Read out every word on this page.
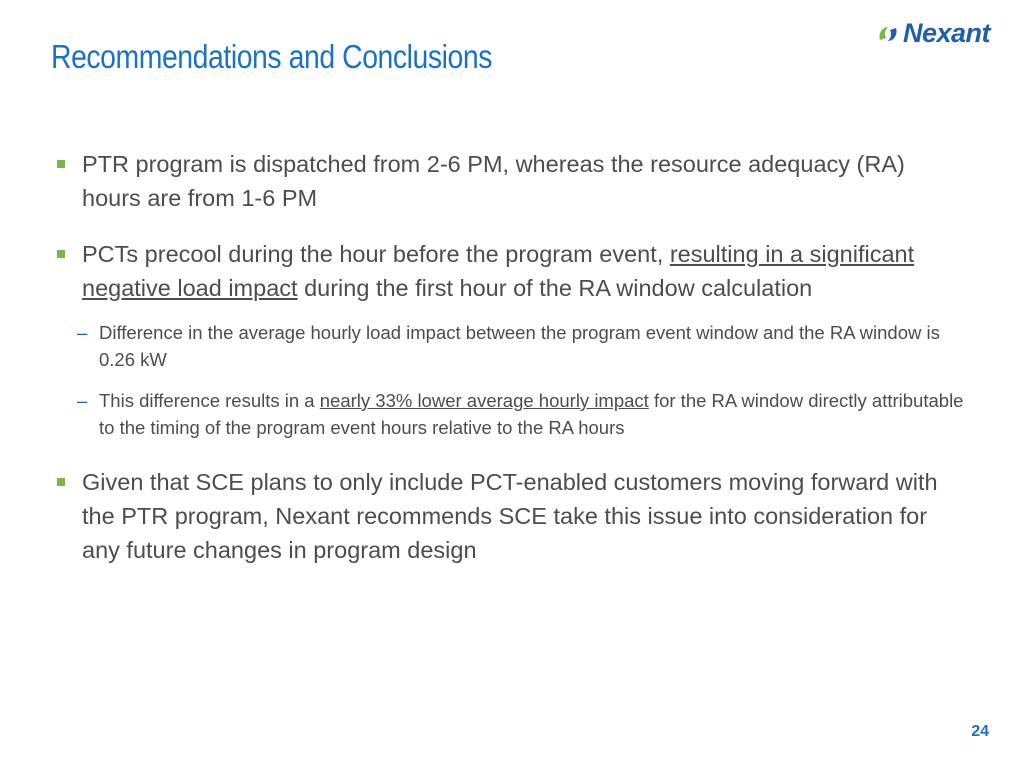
Recommendations and Conclusions
Nexant
PTR program is dispatched from 2-6 PM, whereas the resource adequacy (RA) hours are from 1-6 PM
PCTs precool during the hour before the program event, resulting in a significant negative load impact during the first hour of the RA window calculation
– Difference in the average hourly load impact between the program event window and the RA window is 0.26 kW
– This difference results in a nearly 33% lower average hourly impact for the RA window directly attributable to the timing of the program event hours relative to the RA hours
Given that SCE plans to only include PCT-enabled customers moving forward with the PTR program, Nexant recommends SCE take this issue into consideration for any future changes in program design
24
